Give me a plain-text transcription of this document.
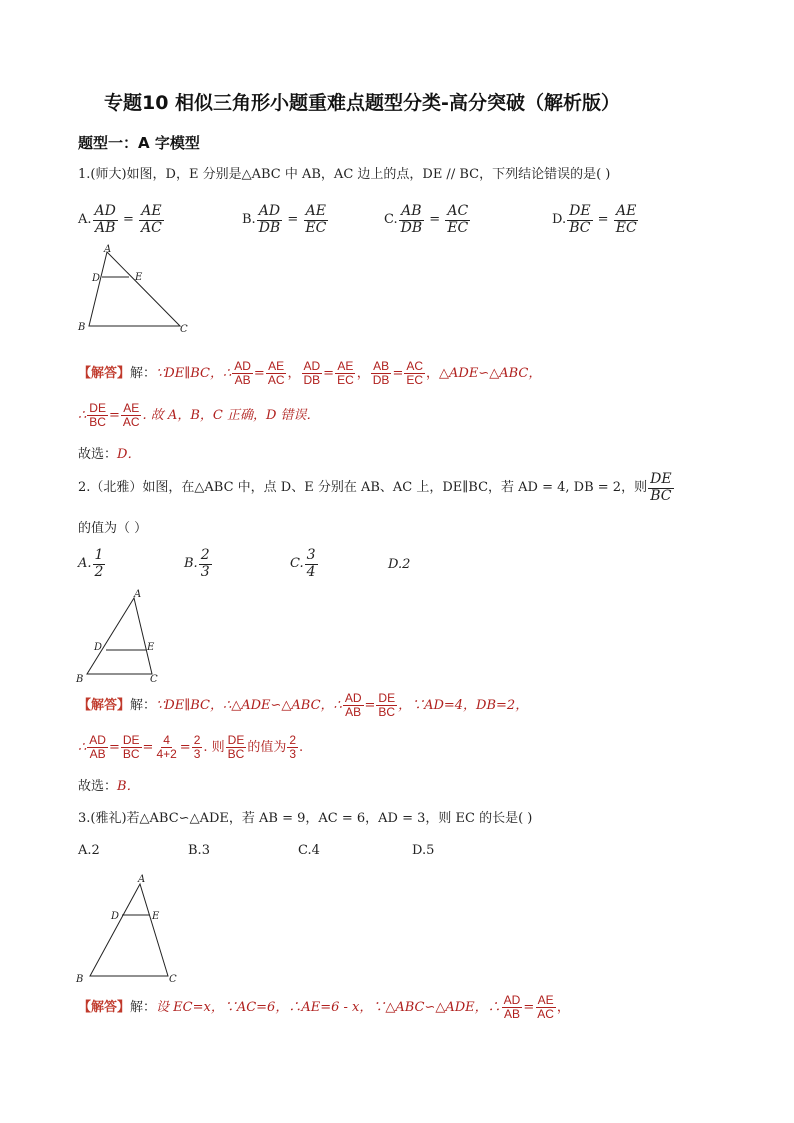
专题10 相似三角形小题重难点题型分类-高分突破（解析版）
题型一：A 字模型
1.(师大)如图，D，E 分别是△ABC 中 AB，AC 边上的点，DE // BC，下列结论错误的是( )
A. $\frac{AD}{AB} = \frac{AE}{AC}$	B. $\frac{AD}{DB} = \frac{AE}{EC}$	C. $\frac{AB}{DB} = \frac{AC}{EC}$	D. $\frac{DE}{BC} = \frac{AE}{EC}$
A
D	E
B	C
【解答】 解： ∵DE∥BC，∴ $\frac{AD}{AB} = \frac{AE}{AC}$ ， $\frac{AD}{DB} = \frac{AE}{EC}$ ， $\frac{AB}{DB} = \frac{AC}{EC}$ ， △ADE∽△ABC，
∴ $\frac{DE}{BC} = \frac{AE}{AC}$ . 故 A，B，C 正确，D 错误．
故选：D．
2.（北雅）如图，在△ABC 中，点 D、E 分别在 AB、AC 上，DE∥BC，若 AD = 4, DB = 2，则 $\frac{DE}{BC}$
的值为（ ）
A. $\frac{1}{2}$	B. $\frac{2}{3}$	C. $\frac{3}{4}$	D. 2
A
D	E
B	C
【解答】 解： ∵DE∥BC，∴△ADE∽△ABC，∴ $\frac{AD}{AB} = \frac{DE}{BC}$ ，∵AD=4，DB=2，
∴ $\frac{AD}{AB} = \frac{DE}{BC} = \frac{4}{4+2} = \frac{2}{3}$ . 则 $\frac{DE}{BC}$ 的值为 $\frac{2}{3}$ .
故选：B．
3.(雅礼)若△ABC∽△ADE，若 AB = 9，AC = 6，AD = 3，则 EC 的长是( )
A.2	B.3	C.4	D.5
A
D	E
B	C
【解答】 解： 设 EC=x，∵AC=6，∴AE=6 - x，∵△ABC∽△ADE，∴ $\frac{AD}{AB} = \frac{AE}{AC}$ ，
